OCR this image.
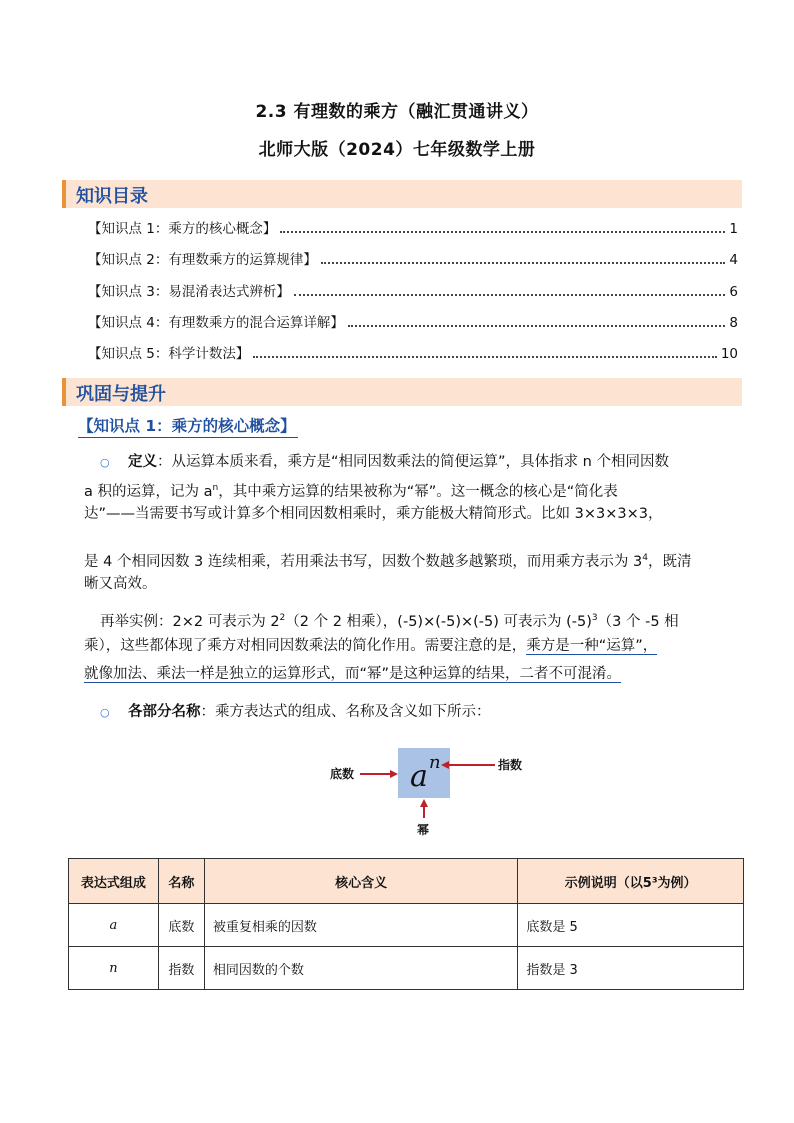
2.3 有理数的乘方（融汇贯通讲义）
北师大版（2024）七年级数学上册
知识目录
【知识点 1：乘方的核心概念】	1
【知识点 2：有理数乘方的运算规律】	4
【知识点 3：易混淆表达式辨析】	6
【知识点 4：有理数乘方的混合运算详解】	8
【知识点 5：科学计数法】	10
巩固与提升
【知识点 1：乘方的核心概念】
○ 定义：从运算本质来看，乘方是“相同因数乘法的简便运算”，具体指求 n 个相同因数
a 积的运算，记为 $a^n$，其中乘方运算的结果被称为“幂”。这一概念的核心是“简化表
达”——当需要书写或计算多个相同因数相乘时，乘方能极大精简形式。比如 3×3×3×3，
是 4 个相同因数 3 连续相乘，若用乘法书写，因数个数越多越繁琐，而用乘方表示为 $3^4$，既清
晰又高效。
再举实例：2×2 可表示为 $2^2(2$ 个 2 相乘），(-5)×(-5)×(-5) 可表示为 $(-5)^3(3$ 个 -5 相
乘），这些都体现了乘方对相同因数乘法的简化作用。需要注意的是，乘方是一种“运算”，
就像加法、乘法一样是独立的运算形式，而“幂”是这种运算的结果，二者不可混淆。
○ 各部分名称：乘方表达式的组成、名称及含义如下所示：
a n
底数
指数
幂
表达式组成	名称	核心含义	示例说明（以5³为例）
a	底数	被重复相乘的因数	底数是 5
n	指数	相同因数的个数	指数是 3
